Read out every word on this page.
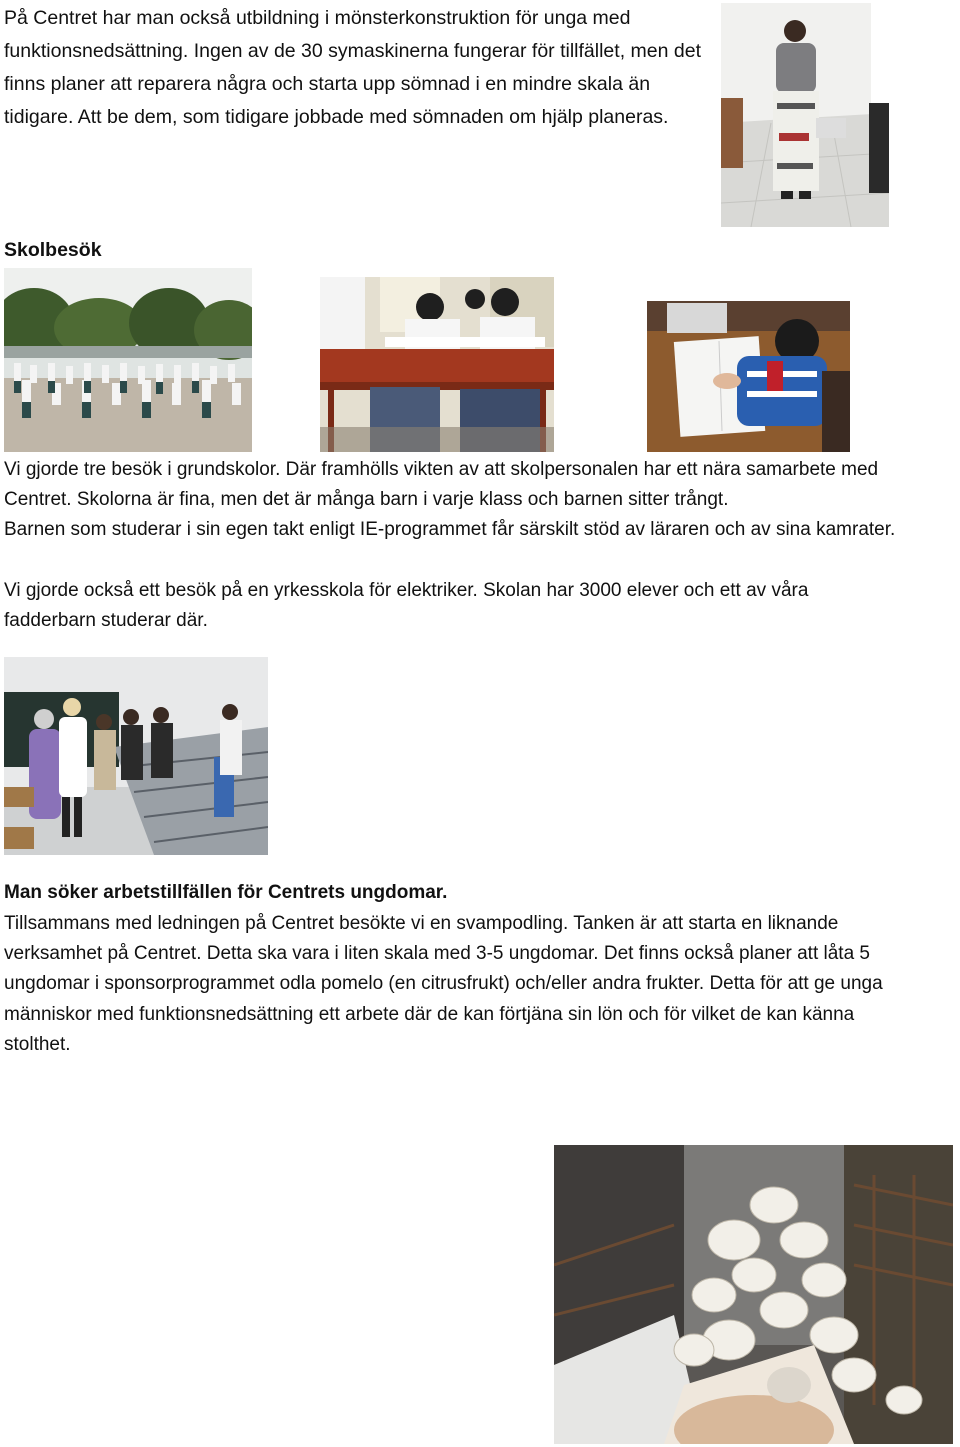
På Centret har man också utbildning i mönsterkonstruktion för unga med funktionsnedsättning. Ingen av de 30 symaskinerna fungerar för tillfället, men det finns planer att reparera några och starta upp sömnad i en mindre skala än tidigare. Att be dem, som tidigare jobbade med sömnaden om hjälp planeras.
Skolbesök
Vi gjorde tre besök i grundskolor. Där framhölls vikten av att skolpersonalen har ett nära samarbete med Centret. Skolorna är fina, men det är många barn i varje klass och barnen sitter trångt.
Barnen som studerar i sin egen takt enligt IE-programmet får särskilt stöd av läraren och av sina kamrater.
Vi gjorde också ett besök på en yrkesskola för elektriker. Skolan har 3000 elever och ett av våra fadderbarn studerar där.
Man söker arbetstillfällen för Centrets ungdomar.
Tillsammans med ledningen på Centret besökte vi en svampodling. Tanken är att starta en liknande verksamhet på Centret. Detta ska vara i liten skala med 3-5 ungdomar. Det finns också planer att låta 5 ungdomar i sponsorprogrammet odla pomelo (en citrusfrukt) och/eller andra frukter. Detta för att ge unga människor med funktionsnedsättning ett arbete där de kan förtjäna sin lön och för vilket de kan känna stolthet.
